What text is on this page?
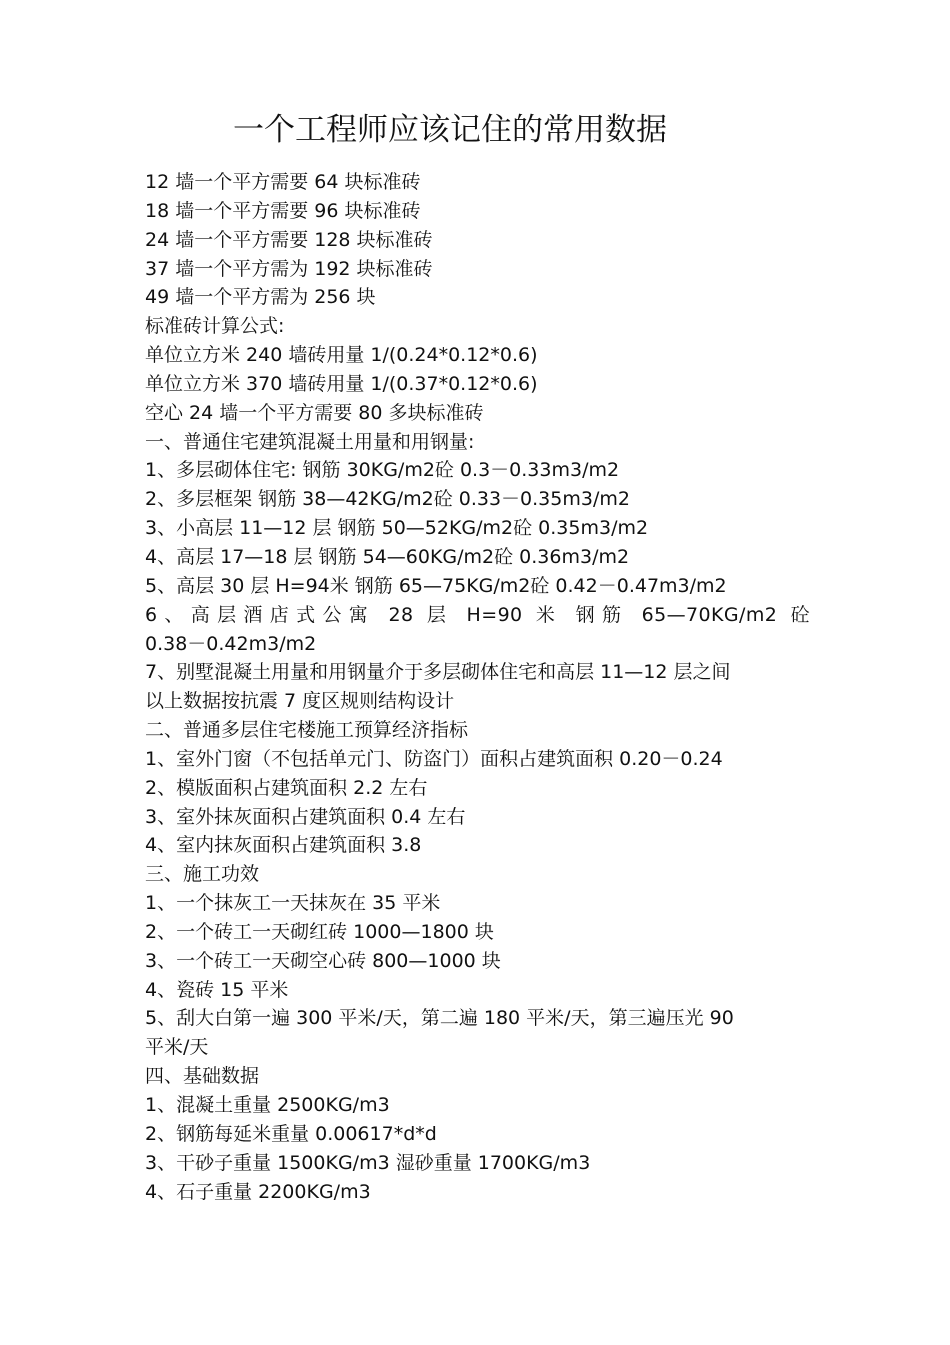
一个工程师应该记住的常用数据
12 墙一个平方需要 64 块标准砖
18 墙一个平方需要 96 块标准砖
24 墙一个平方需要 128 块标准砖
37 墙一个平方需为 192 块标准砖
49 墙一个平方需为 256 块
标准砖计算公式:
单位立方米 240 墙砖用量 1/(0.24*0.12*0.6)
单位立方米 370 墙砖用量 1/(0.37*0.12*0.6)
空心 24 墙一个平方需要 80 多块标准砖
一、普通住宅建筑混凝土用量和用钢量:
1、多层砌体住宅: 钢筋 30KG/m2砼 0.3－0.33m3/m2
2、多层框架 钢筋 38—42KG/m2砼 0.33－0.35m3/m2
3、小高层 11—12 层 钢筋 50—52KG/m2砼 0.35m3/m2
4、高层 17—18 层 钢筋 54—60KG/m2砼 0.36m3/m2
5、高层 30 层 H=94米 钢筋 65—75KG/m2砼 0.42－0.47m3/m2
6、高层酒店式公寓 28 层 H=90 米 钢筋 65—70KG/m2 砼
0.38－0.42m3/m2
7、别墅混凝土用量和用钢量介于多层砌体住宅和高层 11—12 层之间
以上数据按抗震 7 度区规则结构设计
二、普通多层住宅楼施工预算经济指标
1、室外门窗（不包括单元门、防盗门）面积占建筑面积 0.20－0.24
2、模版面积占建筑面积 2.2 左右
3、室外抹灰面积占建筑面积 0.4 左右
4、室内抹灰面积占建筑面积 3.8
三、施工功效
1、一个抹灰工一天抹灰在 35 平米
2、一个砖工一天砌红砖 1000—1800 块
3、一个砖工一天砌空心砖 800—1000 块
4、瓷砖 15 平米
5、刮大白第一遍 300 平米/天，第二遍 180 平米/天，第三遍压光 90
平米/天
四、基础数据
1、混凝土重量 2500KG/m3
2、钢筋每延米重量 0.00617*d*d
3、干砂子重量 1500KG/m3 湿砂重量 1700KG/m3
4、石子重量 2200KG/m3
